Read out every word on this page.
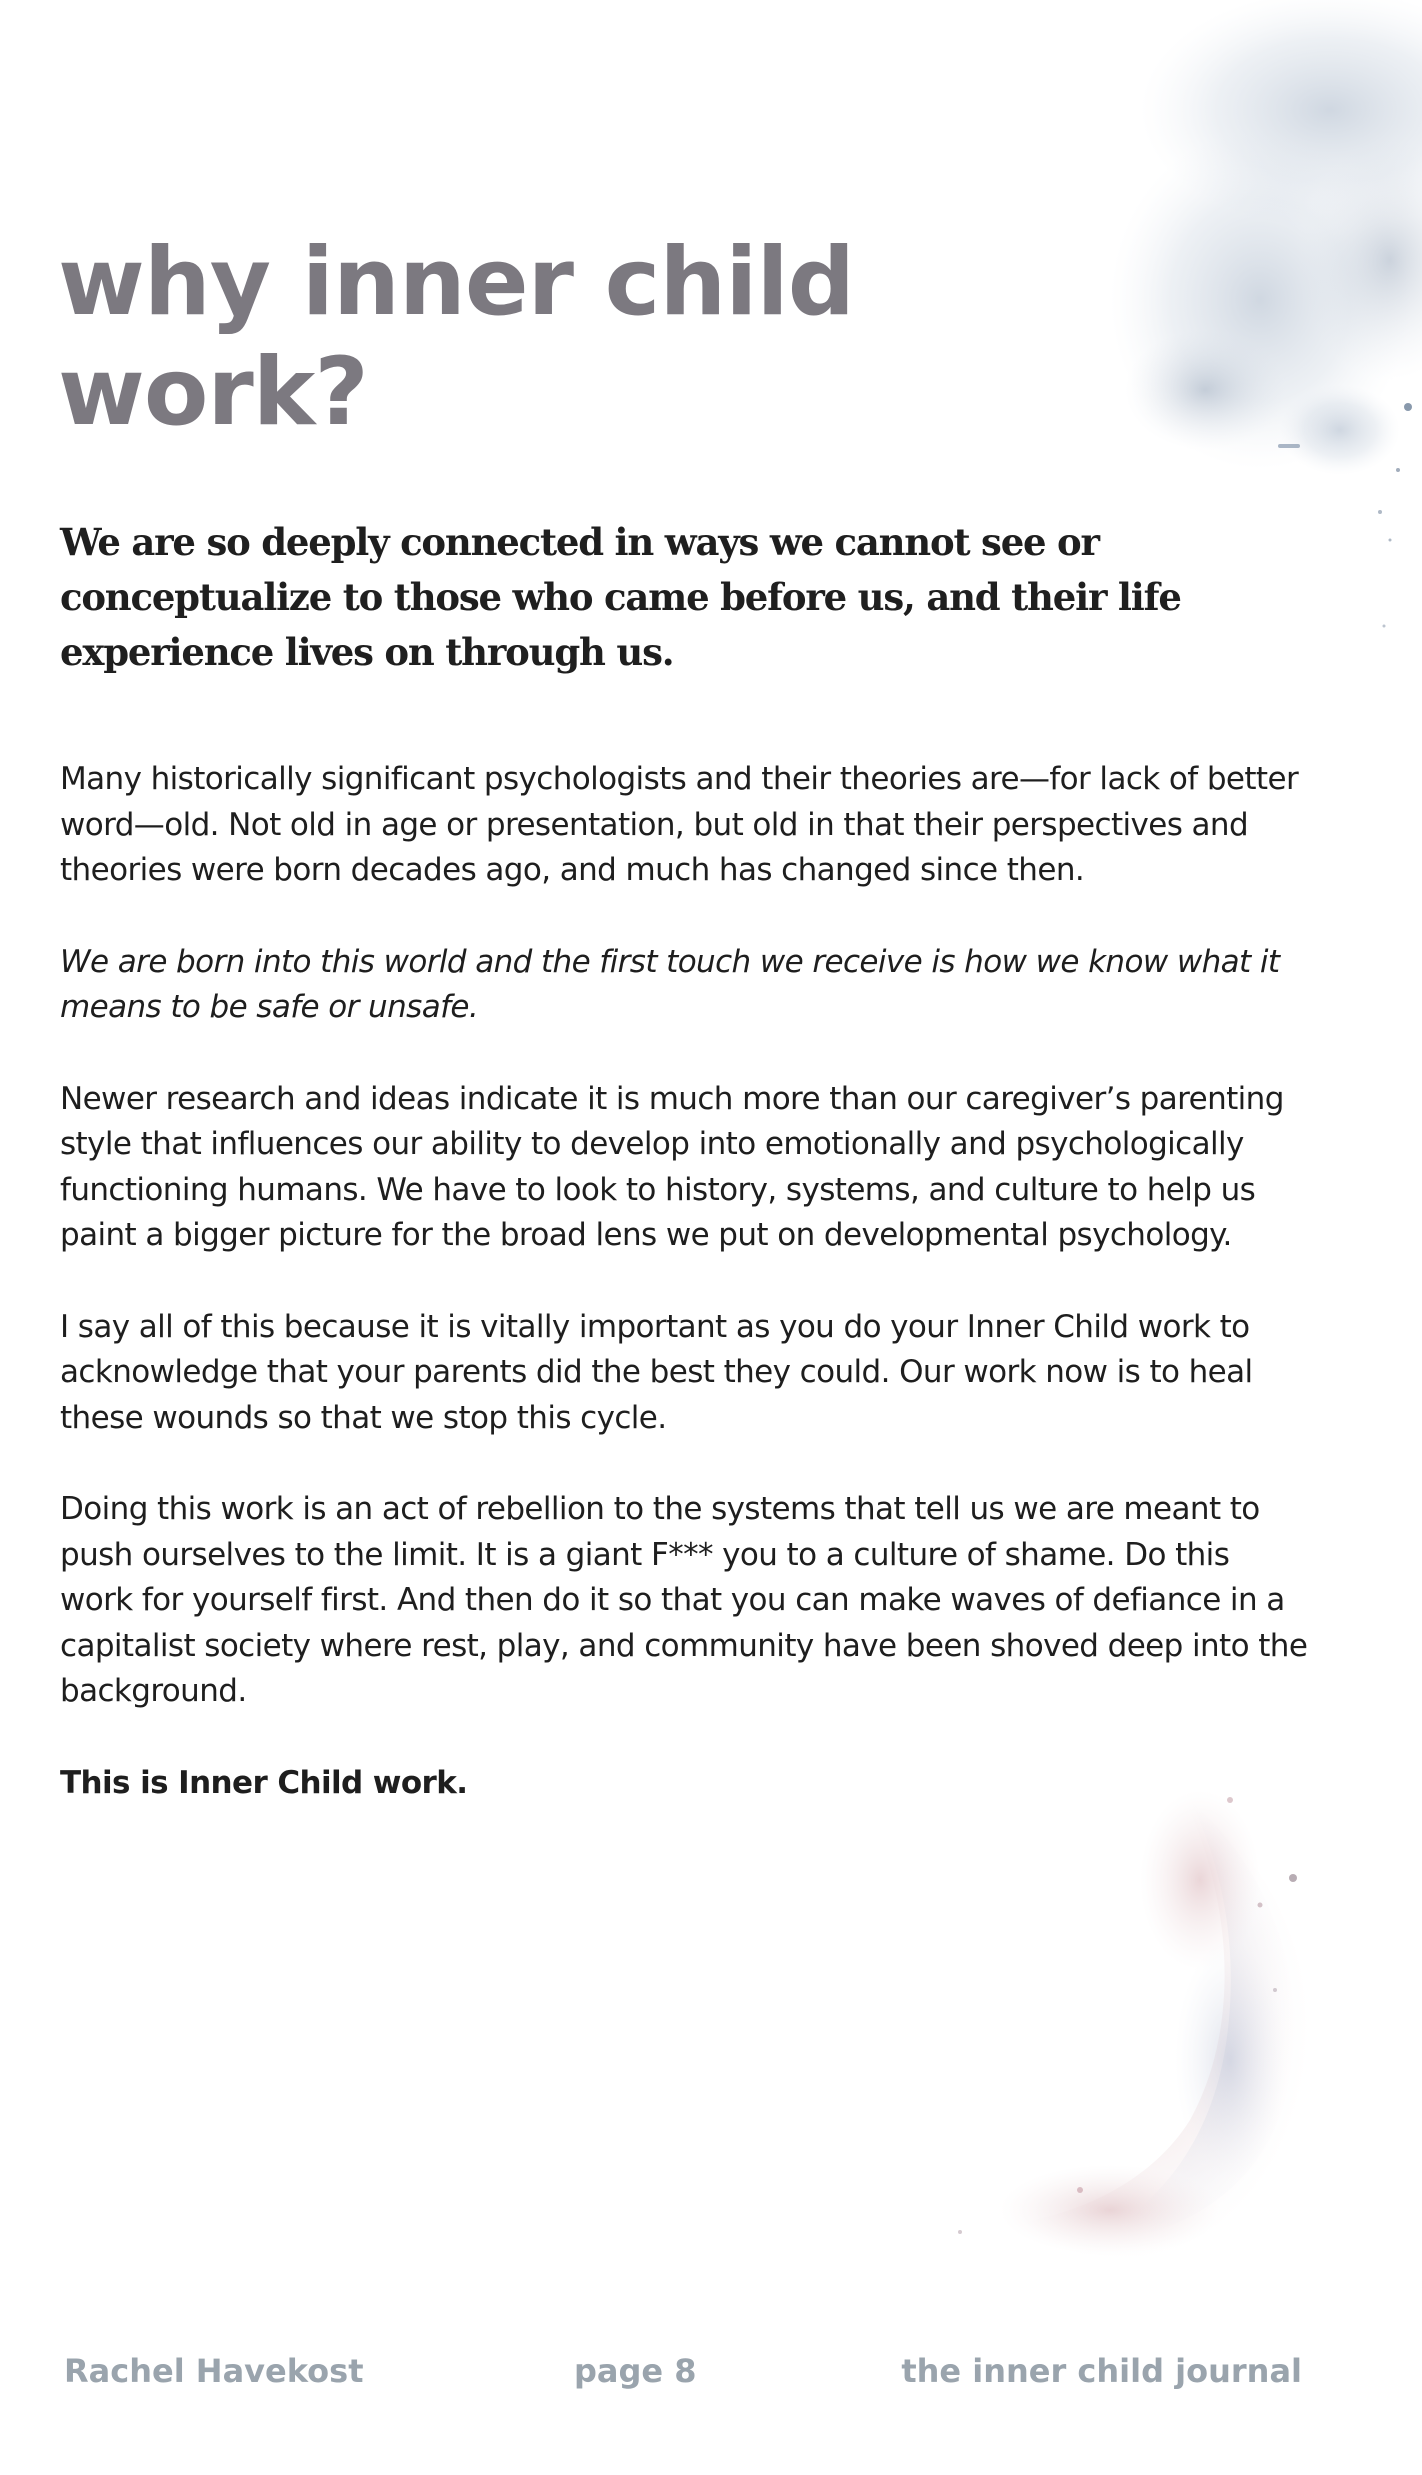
why inner child
work?

We are so deeply connected in ways we cannot see or conceptualize to those who came before us, and their life experience lives on through us.

Many historically significant psychologists and their theories are—for lack of better word—old. Not old in age or presentation, but old in that their perspectives and theories were born decades ago, and much has changed since then.

We are born into this world and the first touch we receive is how we know what it means to be safe or unsafe.

Newer research and ideas indicate it is much more than our caregiver’s parenting style that influences our ability to develop into emotionally and psychologically functioning humans. We have to look to history, systems, and culture to help us paint a bigger picture for the broad lens we put on developmental psychology.

I say all of this because it is vitally important as you do your Inner Child work to acknowledge that your parents did the best they could. Our work now is to heal these wounds so that we stop this cycle.

Doing this work is an act of rebellion to the systems that tell us we are meant to push ourselves to the limit. It is a giant F*** you to a culture of shame. Do this work for yourself first. And then do it so that you can make waves of defiance in a capitalist society where rest, play, and community have been shoved deep into the background.

This is Inner Child work.

Rachel Havekost	page 8	the inner child journal
